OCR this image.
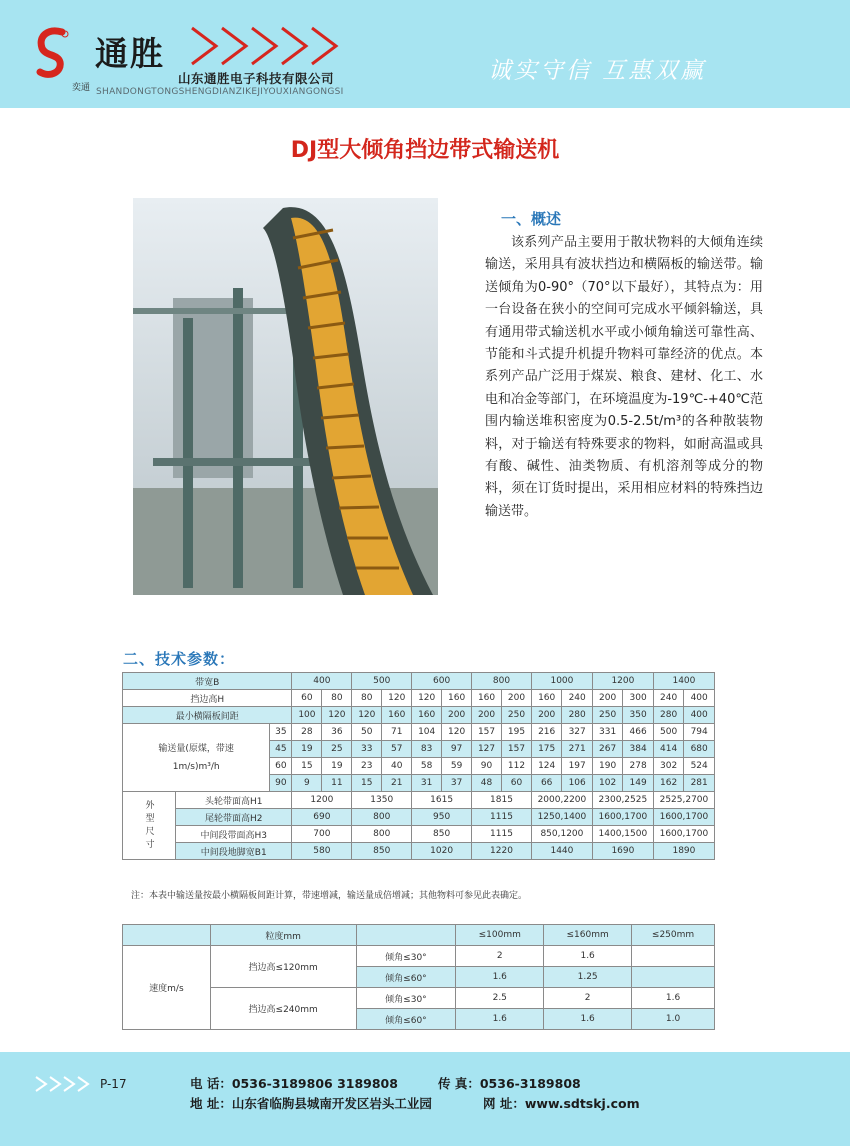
奕通
通胜
山东通胜电子科技有限公司
SHANDONGTONGSHENGDIANZIKEJIYOUXIANGONGSI
诚实守信 互惠双赢
DJ型大倾角挡边带式输送机
一、概述

该系列产品主要用于散状物料的大倾角连续输送，采用具有波状挡边和横隔板的输送带。输送倾角为0-90°（70°以下最好），其特点为：用一台设备在狭小的空间可完成水平倾斜输送，具有通用带式输送机水平或小倾角输送可靠性高、节能和斗式提升机提升物料可靠经济的优点。本系列产品广泛用于煤炭、粮食、建材、化工、水电和冶金等部门，在环境温度为-19℃-+40℃范围内输送堆积密度为0.5-2.5t/m³的各种散装物料，对于输送有特殊要求的物料，如耐高温或具有酸、碱性、油类物质、有机溶剂等成分的物料，须在订货时提出，采用相应材料的特殊挡边输送带。

二、技术参数：
带宽B			400		500		600		800		1000		1200		1400	
挡边高H			60	80	80	120	120	160	160	200	160	240	200	300	240	400
最小横隔板间距			100	120	120	160	160	200	200	250	200	280	250	350	280	400
输送量(原煤，带速1m/s)m³/h		35	28	36	50	71	104	120	157	195	216	327	331	466	500	794
		45	19	25	33	57	83	97	127	157	175	271	267	384	414	680
		60	15	19	23	40	58	59	90	112	124	197	190	278	302	524
		90	9	11	15	21	31	37	48	60	66	106	102	149	162	281
外型尺寸	头轮带面高H1		1200		1350		1615		1815		2000,2200		2300,2525		2525,2700	
	尾轮带面高H2		690		800		950		1115		1250,1400		1600,1700		1600,1700	
	中间段带面高H3		700		800		850		1115		850,1200		1400,1500		1600,1700	
	中间段地脚宽B1		580		850		1020		1220		1440		1690		1890	
注：本表中输送量按最小横隔板间距计算，带速增减，输送量成倍增减；其他物料可参见此表确定。
	粒度mm		≤100mm	≤160mm	≤250mm
速度m/s	挡边高≤120mm	倾角≤30°	2	1.6	
		倾角≤60°	1.6	1.25	
	挡边高≤240mm	倾角≤30°	2.5	2	1.6
		倾角≤60°	1.6	1.6	1.0
P-17	电 话：0536-3189806 3189808	传 真：0536-3189808
地 址：山东省临朐县城南开发区岩头工业园	网 址：www.sdtskj.com
